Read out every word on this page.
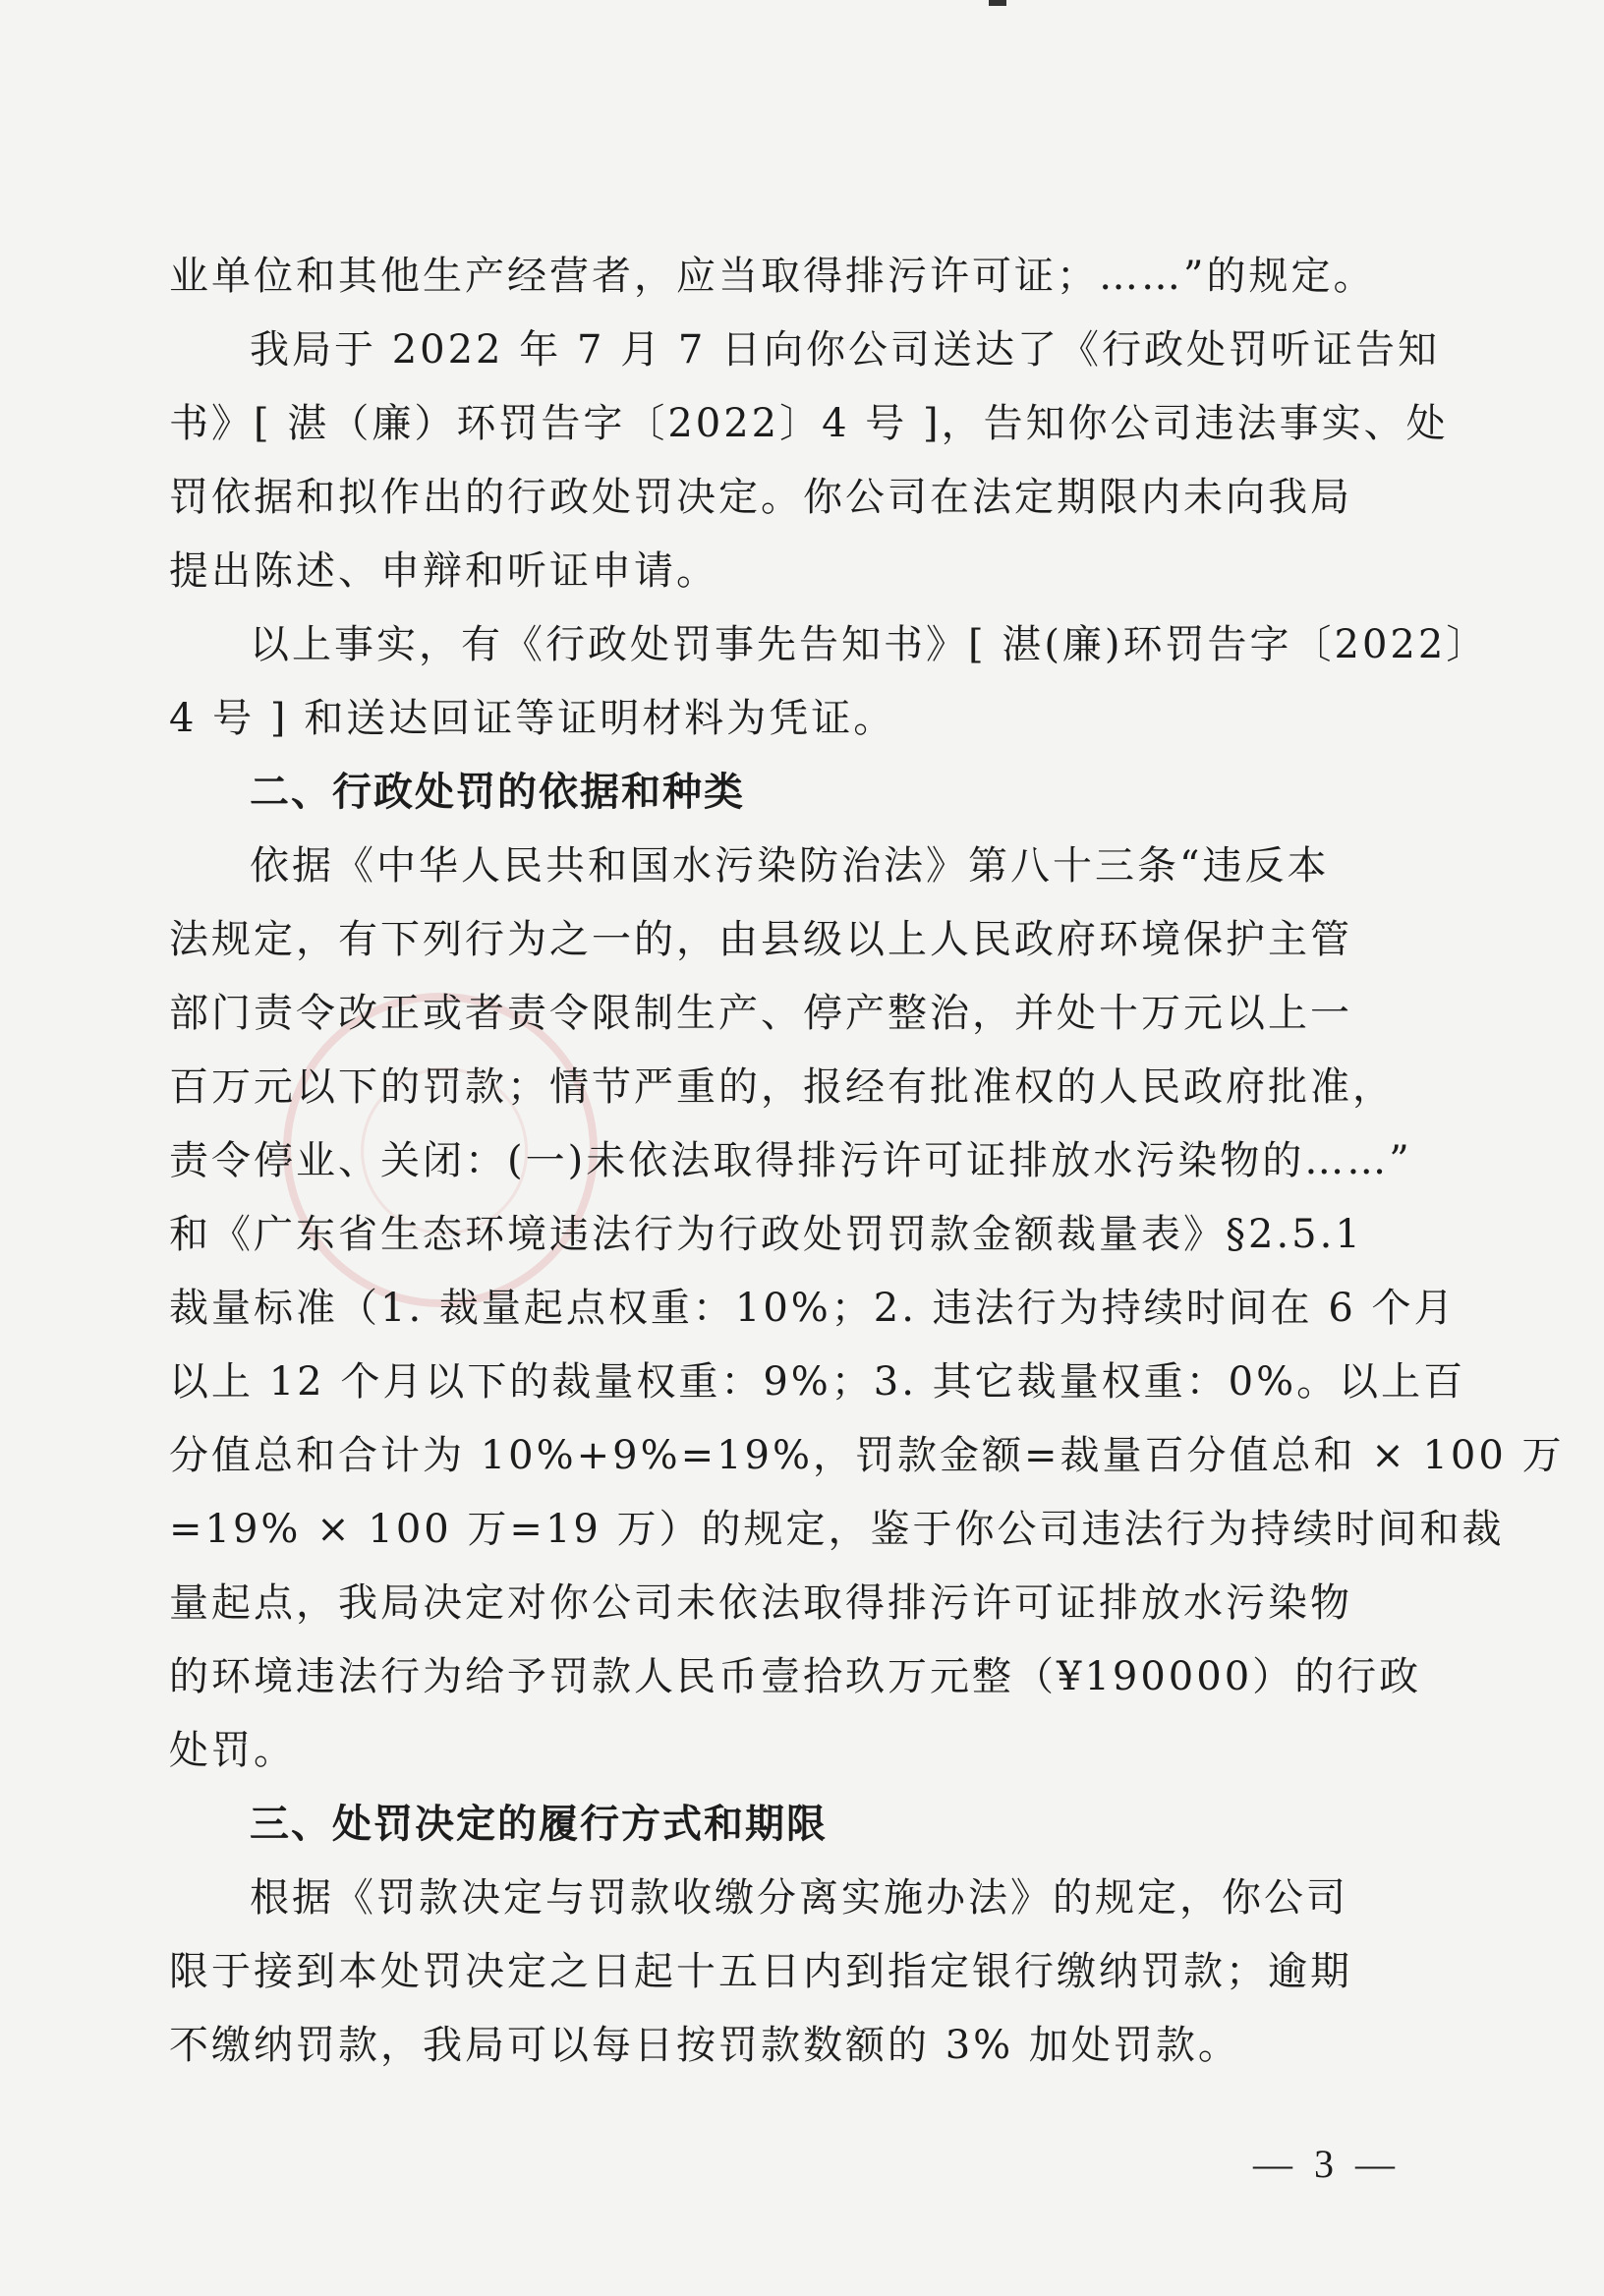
业单位和其他生产经营者，应当取得排污许可证；……”的规定。
我局于 2022 年 7 月 7 日向你公司送达了《行政处罚听证告知
书》[ 湛（廉）环罚告字〔2022〕4 号 ]，告知你公司违法事实、处
罚依据和拟作出的行政处罚决定。你公司在法定期限内未向我局
提出陈述、申辩和听证申请。
以上事实，有《行政处罚事先告知书》[ 湛(廉)环罚告字〔2022〕
4 号 ] 和送达回证等证明材料为凭证。
二、行政处罚的依据和种类
依据《中华人民共和国水污染防治法》第八十三条“违反本
法规定，有下列行为之一的，由县级以上人民政府环境保护主管
部门责令改正或者责令限制生产、停产整治，并处十万元以上一
百万元以下的罚款；情节严重的，报经有批准权的人民政府批准，
责令停业、关闭：(一)未依法取得排污许可证排放水污染物的……”
和《广东省生态环境违法行为行政处罚罚款金额裁量表》§2.5.1
裁量标准（1. 裁量起点权重：10%；2. 违法行为持续时间在 6 个月
以上 12 个月以下的裁量权重：9%；3. 其它裁量权重：0%。以上百
分值总和合计为 10%+9%=19%，罚款金额=裁量百分值总和 × 100 万
=19% × 100 万=19 万）的规定，鉴于你公司违法行为持续时间和裁
量起点，我局决定对你公司未依法取得排污许可证排放水污染物
的环境违法行为给予罚款人民币壹拾玖万元整（¥190000）的行政
处罚。
三、处罚决定的履行方式和期限
根据《罚款决定与罚款收缴分离实施办法》的规定，你公司
限于接到本处罚决定之日起十五日内到指定银行缴纳罚款；逾期
不缴纳罚款，我局可以每日按罚款数额的 3% 加处罚款。
— 3 —
